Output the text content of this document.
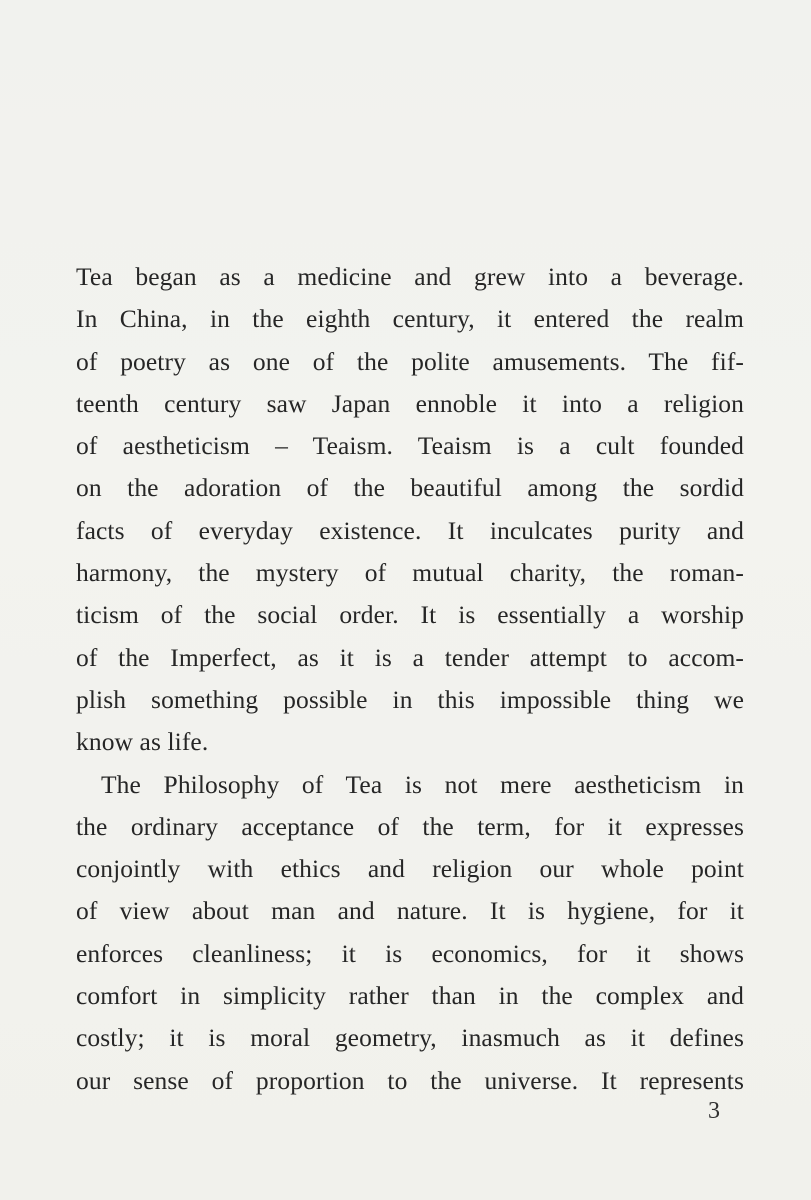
Tea began as a medicine and grew into a beverage.
In China, in the eighth century, it entered the realm
of poetry as one of the polite amusements. The fif-
teenth century saw Japan ennoble it into a religion
of aestheticism – Teaism. Teaism is a cult founded
on the adoration of the beautiful among the sordid
facts of everyday existence. It inculcates purity and
harmony, the mystery of mutual charity, the roman-
ticism of the social order. It is essentially a worship
of the Imperfect, as it is a tender attempt to accom-
plish something possible in this impossible thing we
know as life.
The Philosophy of Tea is not mere aestheticism in
the ordinary acceptance of the term, for it expresses
conjointly with ethics and religion our whole point
of view about man and nature. It is hygiene, for it
enforces cleanliness; it is economics, for it shows
comfort in simplicity rather than in the complex and
costly; it is moral geometry, inasmuch as it defines
our sense of proportion to the universe. It represents
3
